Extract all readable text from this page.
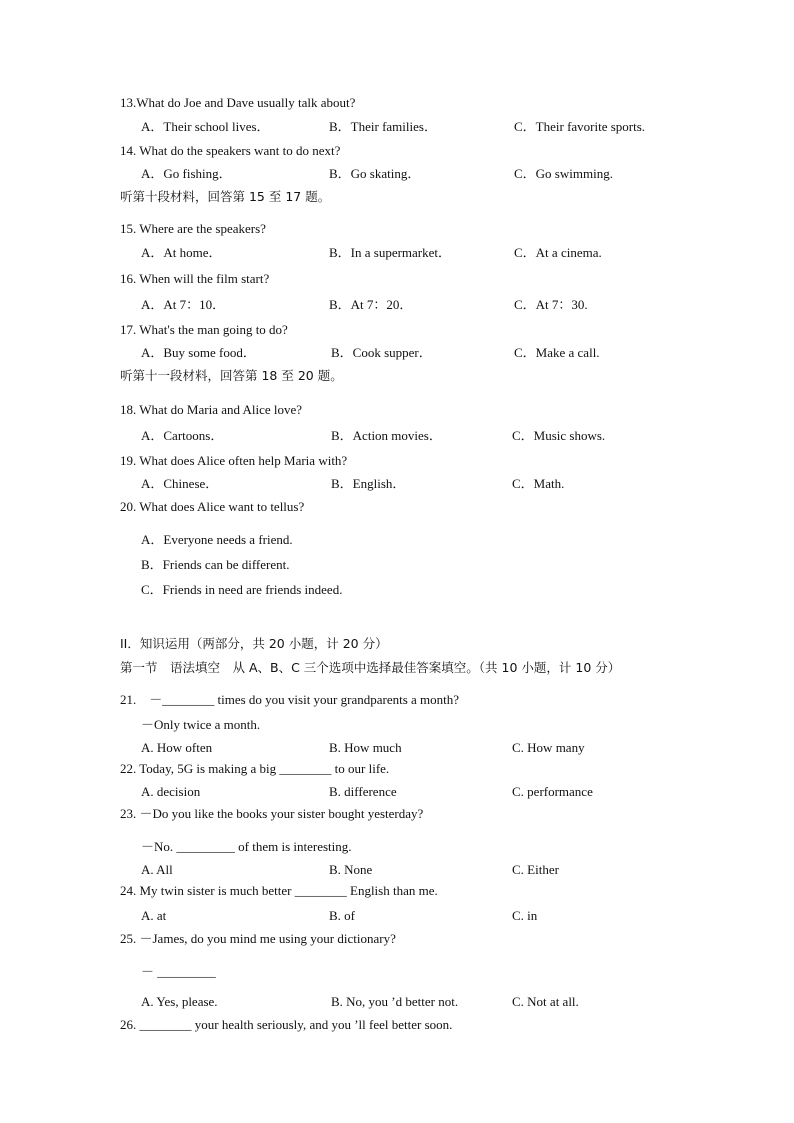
13.What do Joe and Dave usually talk about?
A．Their school lives．	B．Their families．	C．Their favorite sports.
14. What do the speakers want to do next?
A．Go fishing．	B．Go skating．	C．Go swimming.
听第十段材料，回答第 15 至 17 题。
15. Where are the speakers?
A．At home．	B．In a supermarket．	C．At a cinema.
16. When will the film start?
A．At 7：10．	B．At 7：20．	C．At 7：30.
17. What's the man going to do?
A．Buy some food．	B．Cook supper．	C．Make a call.
听第十一段材料，回答第 18 至 20 题。
18. What do Maria and Alice love?
A．Cartoons．	B．Action movies．	C．Music shows.
19. What does Alice often help Maria with?
A．Chinese．	B．English．	C．Math.
20. What does Alice want to tellus?
A．Everyone needs a friend.
B．Friends can be different.
C．Friends in need are friends indeed.
II．知识运用（两部分，共 20 小题，计 20 分）
第一节　语法填空　从 A、B、C 三个选项中选择最佳答案填空。（共 10 小题，计 10 分）
21.　－________ times do you visit your grandparents a month?
－Only twice a month.
A. How often	B. How much	C. How many
22. Today, 5G is making a big ________ to our life.
A. decision	B. difference	C. performance
23. －Do you like the books your sister bought yesterday?
－No. _________ of them is interesting.
A. All	B. None	C. Either
24. My twin sister is much better ________ English than me.
A. at	B. of	C. in
25. －James, do you mind me using your dictionary?
－ _________
A. Yes, please.	B. No, you ’d better not.	C. Not at all.
26. ________ your health seriously, and you ’ll feel better soon.
